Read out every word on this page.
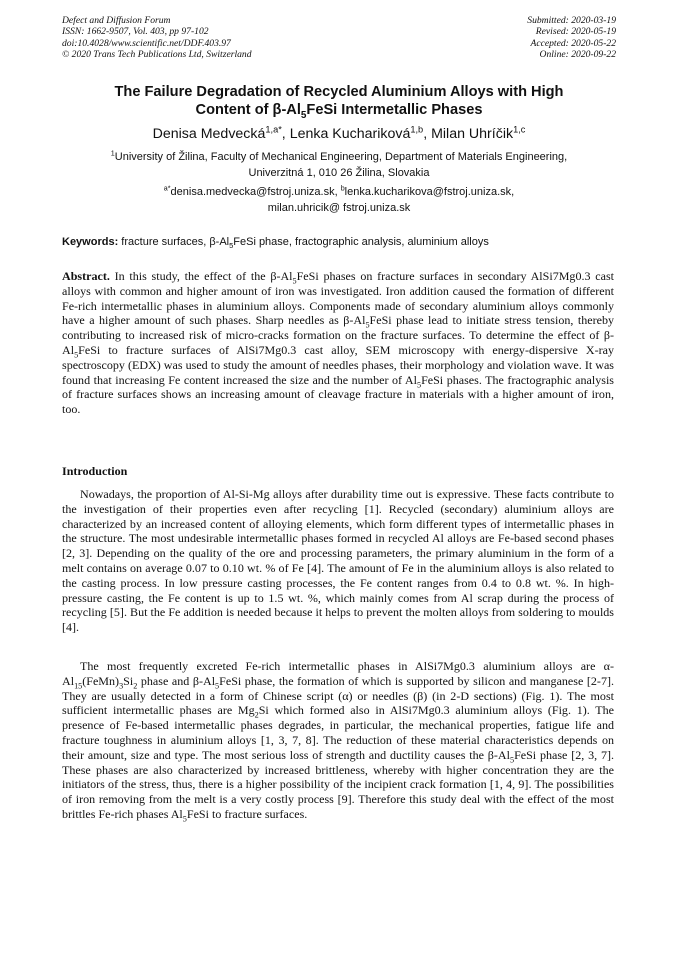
Defect and Diffusion Forum
ISSN: 1662-9507, Vol. 403, pp 97-102
doi:10.4028/www.scientific.net/DDF.403.97
© 2020 Trans Tech Publications Ltd, Switzerland
Submitted: 2020-03-19
Revised: 2020-05-19
Accepted: 2020-05-22
Online: 2020-09-22
The Failure Degradation of Recycled Aluminium Alloys with High
Content of $\beta-Al_5FeSi$ Intermetallic Phases
Denisa Medvecká$^{1,a*}$, Lenka Kuchariková$^{1,b}$, Milan Uhríčik$^{1,c}$
$^1$University of Žilina, Faculty of Mechanical Engineering, Department of Materials Engineering,
Univerzitná 1, 010 26 Žilina, Slovakia
$^{a*}$denisa.medvecka@fstroj.uniza.sk, $^b$lenka.kucharikova@fstroj.uniza.sk,
milan.uhricik@ fstroj.uniza.sk
Keywords: fracture surfaces, $\beta-Al_5FeSi$ phase, fractographic analysis, aluminium alloys
Abstract. In this study, the effect of the $\beta-Al_5FeSi$ phases on fracture surfaces in secondary AlSi7Mg0.3 cast alloys with common and higher amount of iron was investigated. Iron addition caused the formation of different Fe-rich intermetallic phases in aluminium alloys. Components made of secondary aluminium alloys commonly have a higher amount of such phases. Sharp needles as $\beta-Al_5FeSi$ phase lead to initiate stress tension, thereby contributing to increased risk of micro-cracks formation on the fracture surfaces. To determine the effect of $\beta-Al_5FeSi$ to fracture surfaces of AlSi7Mg0.3 cast alloy, SEM microscopy with energy-dispersive X-ray spectroscopy (EDX) was used to study the amount of needles phases, their morphology and violation wave. It was found that increasing Fe content increased the size and the number of $Al_5FeSi$ phases. The fractographic analysis of fracture surfaces shows an increasing amount of cleavage fracture in materials with a higher amount of iron, too.
Introduction
Nowadays, the proportion of Al-Si-Mg alloys after durability time out is expressive. These facts contribute to the investigation of their properties even after recycling [1]. Recycled (secondary) aluminium alloys are characterized by an increased content of alloying elements, which form different types of intermetallic phases in the structure. The most undesirable intermetallic phases formed in recycled Al alloys are Fe-based second phases [2, 3]. Depending on the quality of the ore and processing parameters, the primary aluminium in the form of a melt contains on average 0.07 to 0.10 wt. % of Fe [4]. The amount of Fe in the aluminium alloys is also related to the casting process. In low pressure casting processes, the Fe content ranges from 0.4 to 0.8 wt. %. In high-pressure casting, the Fe content is up to 1.5 wt. %, which mainly comes from Al scrap during the process of recycling [5]. But the Fe addition is needed because it helps to prevent the molten alloys from soldering to moulds [4].
The most frequently excreted Fe-rich intermetallic phases in AlSi7Mg0.3 aluminium alloys are $\alpha-Al_{15}(FeMn)_3Si_2$ phase and $\beta-Al_5FeSi$ phase, the formation of which is supported by silicon and manganese [2-7]. They are usually detected in a form of Chinese script (α) or needles (β) (in 2-D sections) (Fig. 1). The most sufficient intermetallic phases are $Mg_2Si$ which formed also in AlSi7Mg0.3 aluminium alloys (Fig. 1). The presence of Fe-based intermetallic phases degrades, in particular, the mechanical properties, fatigue life and fracture toughness in aluminium alloys [1, 3, 7, 8]. The reduction of these material characteristics depends on their amount, size and type. The most serious loss of strength and ductility causes the $\beta-Al_5FeSi$ phase [2, 3, 7]. These phases are also characterized by increased brittleness, whereby with higher concentration they are the initiators of the stress, thus, there is a higher possibility of the incipient crack formation [1, 4, 9]. The possibilities of iron removing from the melt is a very costly process [9]. Therefore this study deal with the effect of the most brittles Fe-rich phases $Al_5FeSi$ to fracture surfaces.
